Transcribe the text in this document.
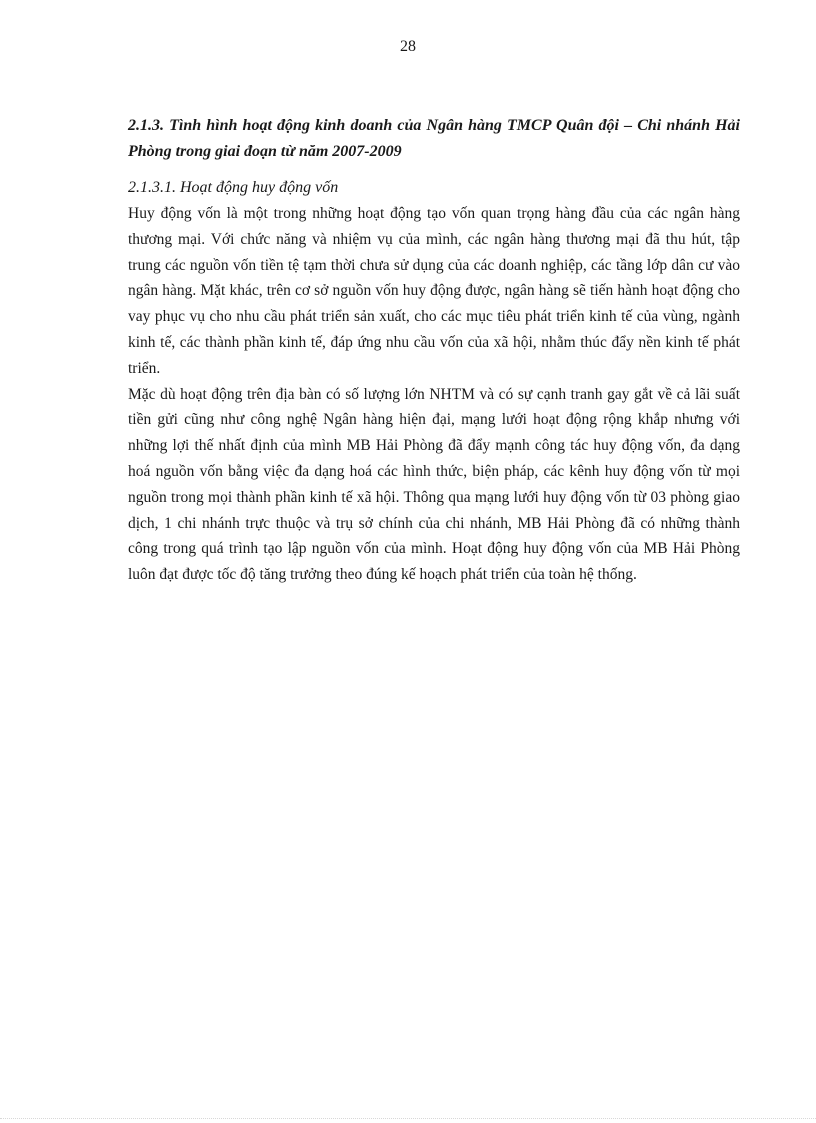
28

2.1.3. Tình hình hoạt động kinh doanh của Ngân hàng TMCP Quân đội – Chi nhánh Hải Phòng trong giai đoạn từ năm 2007-2009

2.1.3.1. Hoạt động huy động vốn

Huy động vốn là một trong những hoạt động tạo vốn quan trọng hàng đầu của các ngân hàng thương mại. Với chức năng và nhiệm vụ của mình, các ngân hàng thương mại đã thu hút, tập trung các nguồn vốn tiền tệ tạm thời chưa sử dụng của các doanh nghiệp, các tầng lớp dân cư vào ngân hàng. Mặt khác, trên cơ sở nguồn vốn huy động được, ngân hàng sẽ tiến hành hoạt động cho vay phục vụ cho nhu cầu phát triển sản xuất, cho các mục tiêu phát triển kinh tế của vùng, ngành kinh tế, các thành phần kinh tế, đáp ứng nhu cầu vốn của xã hội, nhằm thúc đẩy nền kinh tế phát triển.

Mặc dù hoạt động trên địa bàn có số lượng lớn NHTM và có sự cạnh tranh gay gắt về cả lãi suất tiền gửi cũng như công nghệ Ngân hàng hiện đại, mạng lưới hoạt động rộng khắp nhưng với những lợi thế nhất định của mình MB Hải Phòng đã đẩy mạnh công tác huy động vốn, đa dạng hoá nguồn vốn bằng việc đa dạng hoá các hình thức, biện pháp, các kênh huy động vốn từ mọi nguồn trong mọi thành phần kinh tế xã hội. Thông qua mạng lưới huy động vốn từ 03 phòng giao dịch, 1 chi nhánh trực thuộc và trụ sở chính của chi nhánh, MB Hải Phòng đã có những thành công trong quá trình tạo lập nguồn vốn của mình. Hoạt động huy động vốn của MB Hải Phòng luôn đạt được tốc độ tăng trưởng theo đúng kế hoạch phát triển của toàn hệ thống.
